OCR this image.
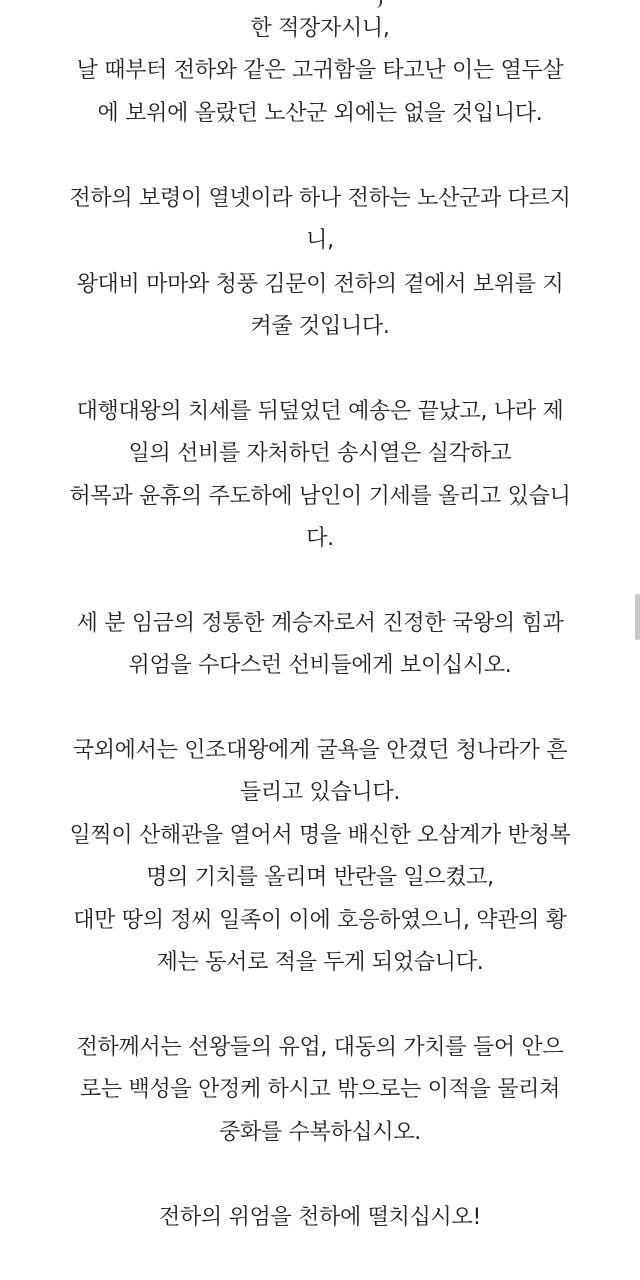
한 적장자시니,
날 때부터 전하와 같은 고귀함을 타고난 이는 열두살
에 보위에 올랐던 노산군 외에는 없을 것입니다.
전하의 보령이 열넷이라 하나 전하는 노산군과 다르지
니,
왕대비 마마와 청풍 김문이 전하의 곁에서 보위를 지
켜줄 것입니다.
대행대왕의 치세를 뒤덮었던 예송은 끝났고, 나라 제
일의 선비를 자처하던 송시열은 실각하고
허목과 윤휴의 주도하에 남인이 기세를 올리고 있습니
다.
세 분 임금의 정통한 계승자로서 진정한 국왕의 힘과
위엄을 수다스런 선비들에게 보이십시오.
국외에서는 인조대왕에게 굴욕을 안겼던 청나라가 흔
들리고 있습니다.
일찍이 산해관을 열어서 명을 배신한 오삼계가 반청복
명의 기치를 올리며 반란을 일으켰고,
대만 땅의 정씨 일족이 이에 호응하였으니, 약관의 황
제는 동서로 적을 두게 되었습니다.
전하께서는 선왕들의 유업, 대동의 가치를 들어 안으
로는 백성을 안정케 하시고 밖으로는 이적을 물리쳐
중화를 수복하십시오.
전하의 위엄을 천하에 떨치십시오!
